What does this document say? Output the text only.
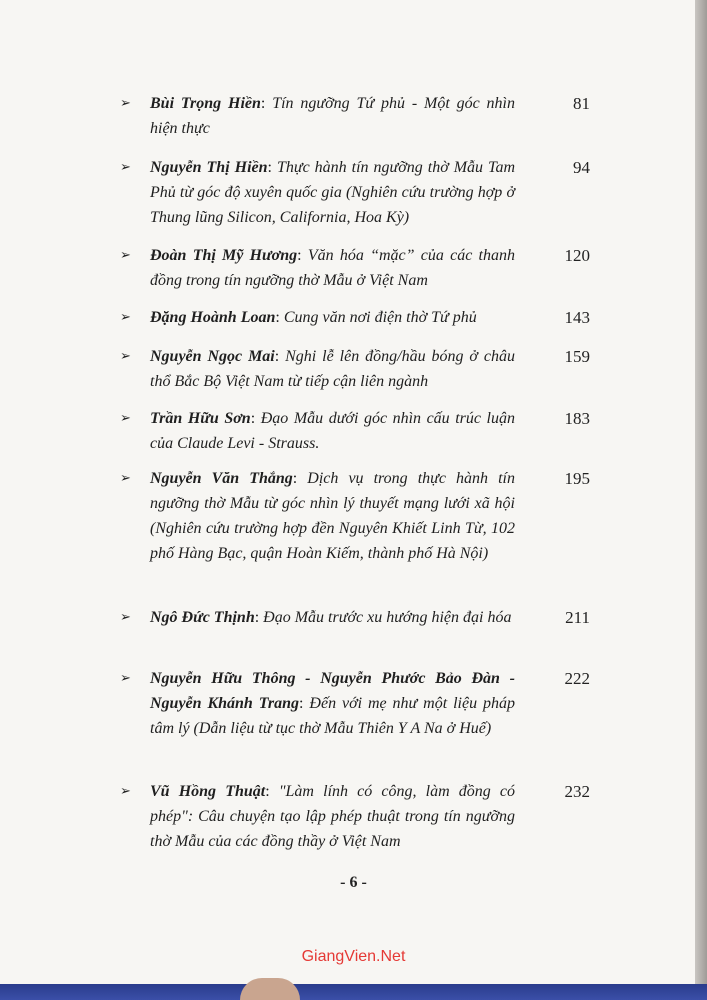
➢	Bùi Trọng Hiền: Tín ngưỡng Tứ phủ - Một góc nhìn hiện thực
81
➢	Nguyễn Thị Hiền: Thực hành tín ngưỡng thờ Mẫu Tam Phủ từ góc độ xuyên quốc gia (Nghiên cứu trường hợp ở Thung lũng Silicon, California, Hoa Kỳ)
94
➢	Đoàn Thị Mỹ Hương: Văn hóa “mặc” của các thanh đồng trong tín ngưỡng thờ Mẫu ở Việt Nam
120
➢	Đặng Hoành Loan: Cung văn nơi điện thờ Tứ phủ	143
➢	Nguyễn Ngọc Mai: Nghi lễ lên đồng/hầu bóng ở châu thổ Bắc Bộ Việt Nam từ tiếp cận liên ngành
159
➢	Trần Hữu Sơn: Đạo Mẫu dưới góc nhìn cấu trúc luận của Claude Levi - Strauss.
183
➢	Nguyễn Văn Thắng: Dịch vụ trong thực hành tín ngưỡng thờ Mẫu từ góc nhìn lý thuyết mạng lưới xã hội (Nghiên cứu trường hợp đền Nguyên Khiết Linh Từ, 102 phố Hàng Bạc, quận Hoàn Kiếm, thành phố Hà Nội)
195
➢	Ngô Đức Thịnh: Đạo Mẫu trước xu hướng hiện đại hóa	211
➢	Nguyễn Hữu Thông - Nguyễn Phước Bảo Đàn - Nguyễn Khánh Trang: Đến với mẹ như một liệu pháp tâm lý (Dẫn liệu từ tục thờ Mẫu Thiên Y A Na ở Huế)
222
➢	Vũ Hồng Thuật: "Làm lính có công, làm đồng có phép": Câu chuyện tạo lập phép thuật trong tín ngưỡng thờ Mẫu của các đồng thầy ở Việt Nam
232
- 6 -
GiangVien.Net
